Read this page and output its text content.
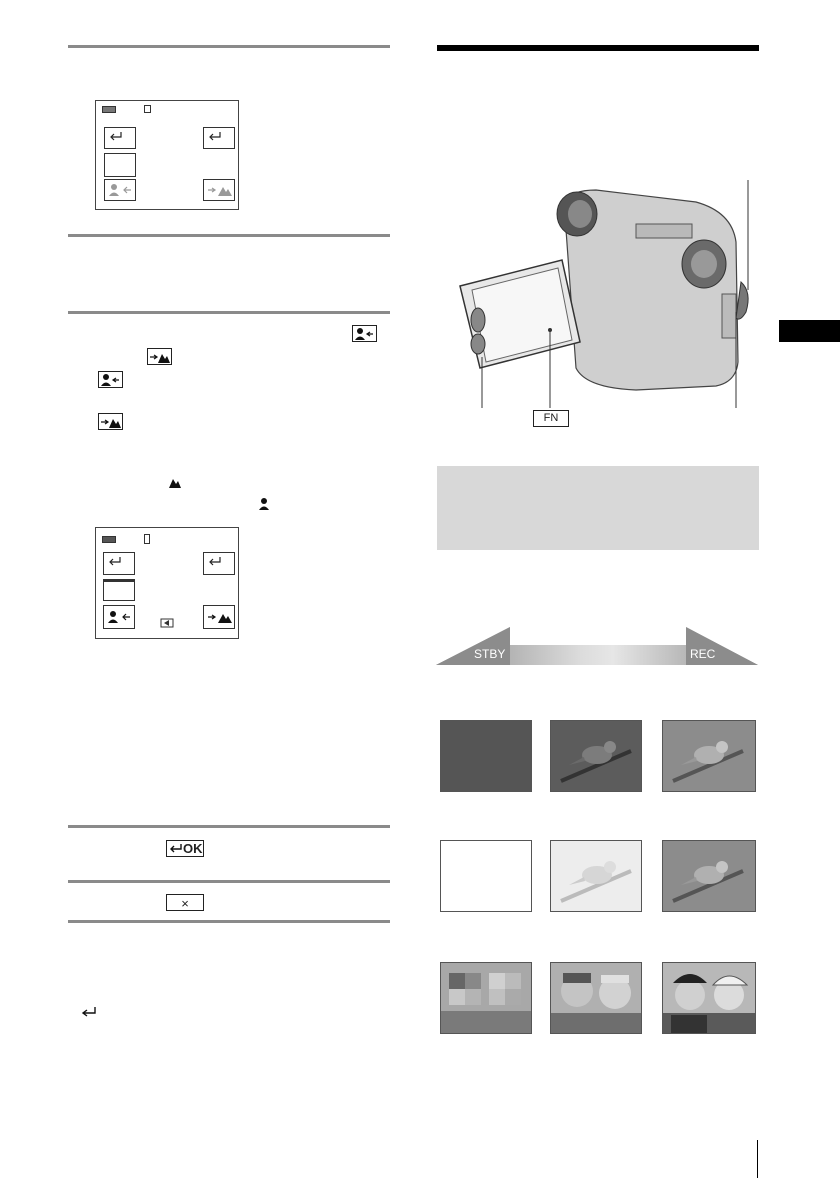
OK
×
FN
STBY	REC
